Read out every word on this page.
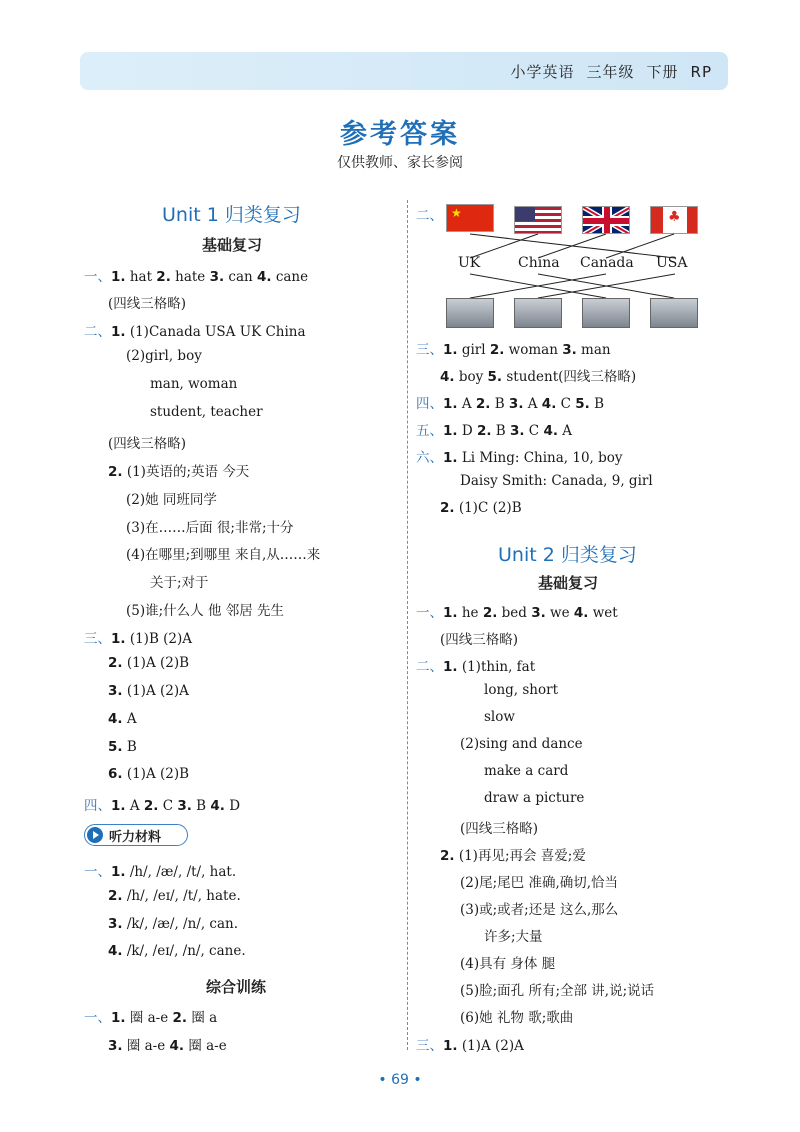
小学英语 三年级 下册 RP
参考答案
仅供教师、家长参阅
Unit 1 归类复习
基础复习
一、1. hat 2. hate 3. can 4. cane
(四线三格略)
二、1. (1)Canada USA UK China
(2)girl, boy
man, woman
student, teacher
(四线三格略)
2. (1)英语的;英语 今天
(2)她 同班同学
(3)在……后面 很;非常;十分
(4)在哪里;到哪里 来自,从……来
关于;对于
(5)谁;什么人 他 邻居 先生
三、1. (1)B (2)A
2. (1)A (2)B
3. (1)A (2)A
4. A
5. B
6. (1)A (2)B
四、1. A 2. C 3. B 4. D
听力材料
一、1. /h/, /æ/, /t/, hat.
2. /h/, /eɪ/, /t/, hate.
3. /k/, /æ/, /n/, can.
4. /k/, /eɪ/, /n/, cane.
综合训练
一、1. 圈 a-e 2. 圈 a
3. 圈 a-e 4. 圈 a-e
二、 ★	♣
UK	China Canada USA
三、1. girl 2. woman 3. man
4. boy 5. student(四线三格略)
四、1. A 2. B 3. A 4. C 5. B
五、1. D 2. B 3. C 4. A
六、1. Li Ming: China, 10, boy
Daisy Smith: Canada, 9, girl
2. (1)C (2)B
Unit 2 归类复习
基础复习
一、1. he 2. bed 3. we 4. wet
(四线三格略)
二、1. (1)thin, fat
long, short
slow
(2)sing and dance
make a card
draw a picture
(四线三格略)
2. (1)再见;再会 喜爱;爱
(2)尾;尾巴 准确,确切,恰当
(3)或;或者;还是 这么,那么
许多;大量
(4)具有 身体 腿
(5)脸;面孔 所有;全部 讲,说;说话
(6)她 礼物 歌;歌曲
三、1. (1)A (2)A
• 69 •
